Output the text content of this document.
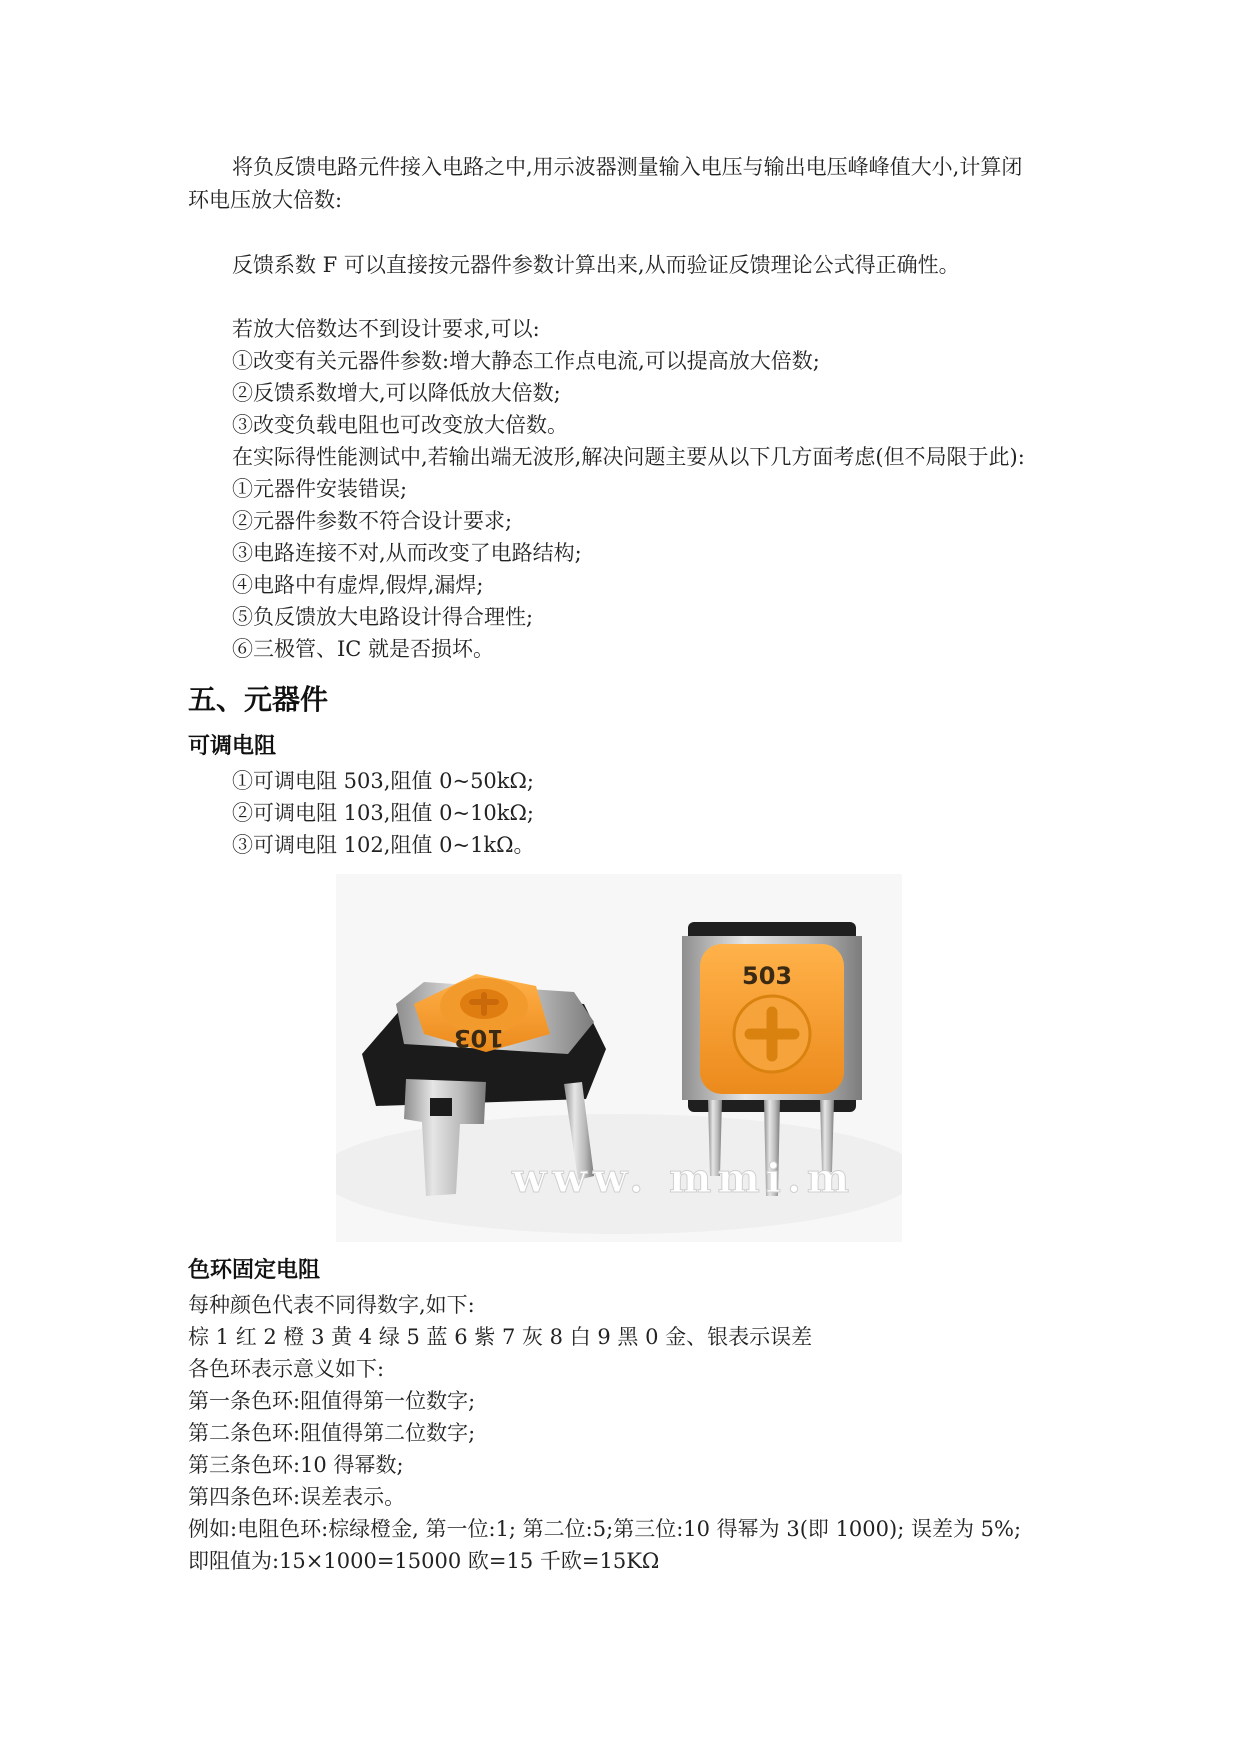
将负反馈电路元件接入电路之中,用示波器测量输入电压与输出电压峰峰值大小,计算闭
环电压放大倍数:
反馈系数 F 可以直接按元器件参数计算出来,从而验证反馈理论公式得正确性。
若放大倍数达不到设计要求,可以:
①改变有关元器件参数:增大静态工作点电流,可以提高放大倍数;
②反馈系数增大,可以降低放大倍数;
③改变负载电阻也可改变放大倍数。
在实际得性能测试中,若输出端无波形,解决问题主要从以下几方面考虑(但不局限于此):
①元器件安装错误;
②元器件参数不符合设计要求;
③电路连接不对,从而改变了电路结构;
④电路中有虚焊,假焊,漏焊;
⑤负反馈放大电路设计得合理性;
⑥三极管、IC 就是否损坏。
五、元器件
可调电阻
①可调电阻 503,阻值 0~50kΩ;
②可调电阻 103,阻值 0~10kΩ;
③可调电阻 102,阻值 0~1kΩ。
103
503
www. mmi.m
色环固定电阻
每种颜色代表不同得数字,如下:
棕 1 红 2 橙 3 黄 4 绿 5 蓝 6 紫 7 灰 8 白 9 黑 0 金、银表示误差
各色环表示意义如下:
第一条色环:阻值得第一位数字;
第二条色环:阻值得第二位数字;
第三条色环:10 得幂数;
第四条色环:误差表示。
例如:电阻色环:棕绿橙金, 第一位:1; 第二位:5;第三位:10 得幂为 3(即 1000); 误差为 5%;
即阻值为:15×1000=15000 欧=15 千欧=15KΩ
